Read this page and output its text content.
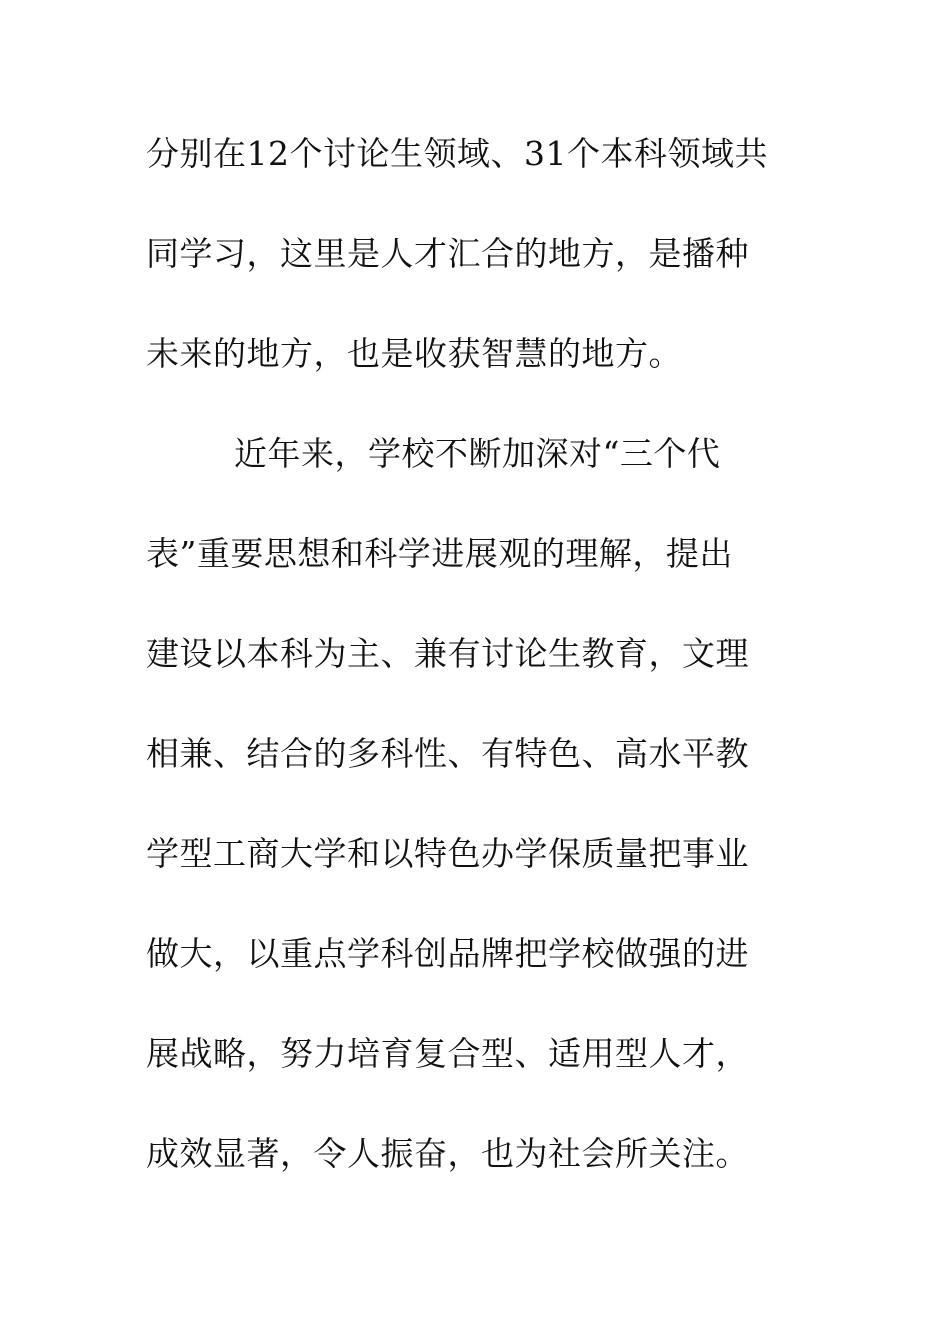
分别在12个讨论生领域、31个本科领域共
同学习，这里是人才汇合的地方，是播种
未来的地方，也是收获智慧的地方。
近年来，学校不断加深对“三个代
表”重要思想和科学进展观的理解，提出
建设以本科为主、兼有讨论生教育，文理
相兼、结合的多科性、有特色、高水平教
学型工商大学和以特色办学保质量把事业
做大，以重点学科创品牌把学校做强的进
展战略，努力培育复合型、适用型人才，
成效显著，令人振奋，也为社会所关注。
